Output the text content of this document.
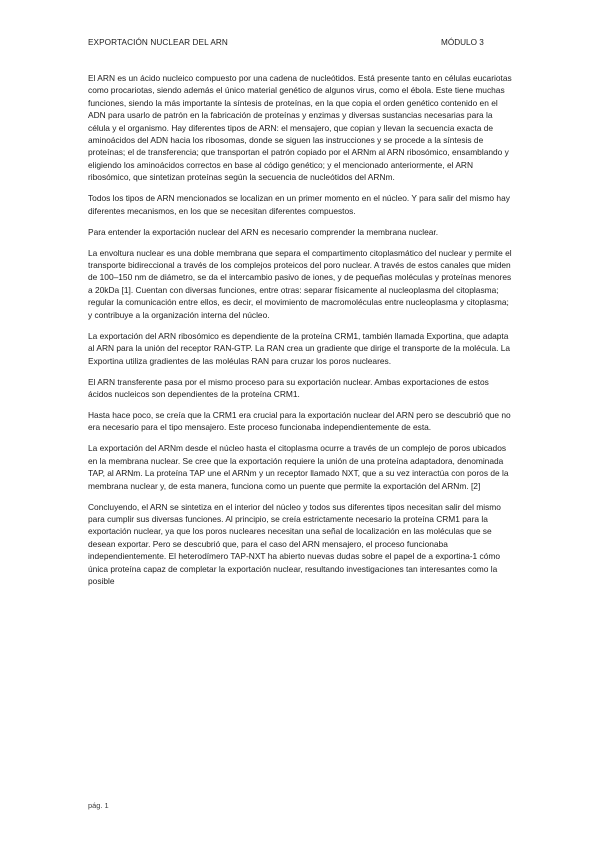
EXPORTACIÓN NUCLEAR DEL ARN	MÓDULO 3

El ARN es un ácido nucleico compuesto por una cadena de nucleótidos. Está presente tanto en células eucariotas como procariotas, siendo además el único material genético de algunos virus, como el ébola. Este tiene muchas funciones, siendo la más importante la síntesis de proteínas, en la que copia el orden genético contenido en el ADN para usarlo de patrón en la fabricación de proteínas y enzimas y diversas sustancias necesarias para la célula y el organismo. Hay diferentes tipos de ARN: el mensajero, que copian y llevan la secuencia exacta de aminoácidos del ADN hacia los ribosomas, donde se siguen las instrucciones y se procede a la síntesis de proteínas; el de transferencia; que transportan el patrón copiado por el ARNm al ARN ribosómico, ensamblando y eligiendo los aminoácidos correctos en base al código genético; y el mencionado anteriormente, el ARN ribosómico, que sintetizan proteínas según la secuencia de nucleótidos del ARNm.

Todos los tipos de ARN mencionados se localizan en un primer momento en el núcleo. Y para salir del mismo hay diferentes mecanismos, en los que se necesitan diferentes compuestos.

Para entender la exportación nuclear del ARN es necesario comprender la membrana nuclear.

La envoltura nuclear es una doble membrana que separa el compartimento citoplasmático del nuclear y permite el transporte bidireccional a través de los complejos proteicos del poro nuclear. A través de estos canales que miden de 100–150 nm de diámetro, se da el intercambio pasivo de iones, y de pequeñas moléculas y proteínas menores a 20kDa [1]. Cuentan con diversas funciones, entre otras: separar físicamente al nucleoplasma del citoplasma; regular la comunicación entre ellos, es decir, el movimiento de macromoléculas entre nucleoplasma y citoplasma; y contribuye a la organización interna del núcleo.

La exportación del ARN ribosómico es dependiente de la proteína CRM1, también llamada Exportina, que adapta al ARN para la unión del receptor RAN-GTP. La RAN crea un gradiente que dirige el transporte de la molécula. La Exportina utiliza gradientes de las moléulas RAN para cruzar los poros nucleares.

El ARN transferente pasa por el mismo proceso para su exportación nuclear. Ambas exportaciones de estos ácidos nucleicos son dependientes de la proteína CRM1.

Hasta hace poco, se creía que la CRM1 era crucial para la exportación nuclear del ARN pero se descubrió que no era necesario para el tipo mensajero. Este proceso funcionaba independientemente de esta.

La exportación del ARNm desde el núcleo hasta el citoplasma ocurre a través de un complejo de poros ubicados en la membrana nuclear. Se cree que la exportación requiere la unión de una proteína adaptadora, denominada TAP, al ARNm. La proteína TAP une el ARNm y un receptor llamado NXT, que a su vez interactúa con poros de la membrana nuclear y, de esta manera, funciona como un puente que permite la exportación del ARNm. [2]

Concluyendo, el ARN se sintetiza en el interior del núcleo y todos sus diferentes tipos necesitan salir del mismo para cumplir sus diversas funciones. Al principio, se creía estrictamente necesario la proteína CRM1 para la exportación nuclear, ya que los poros nucleares necesitan una señal de localización en las moléculas que se desean exportar. Pero se descubrió que, para el caso del ARN mensajero, el proceso funcionaba independientemente. El heterodímero TAP-NXT ha abierto nuevas dudas sobre el papel de a exportina-1 cómo única proteína capaz de completar la exportación nuclear, resultando investigaciones tan interesantes como la posible

pág. 1
